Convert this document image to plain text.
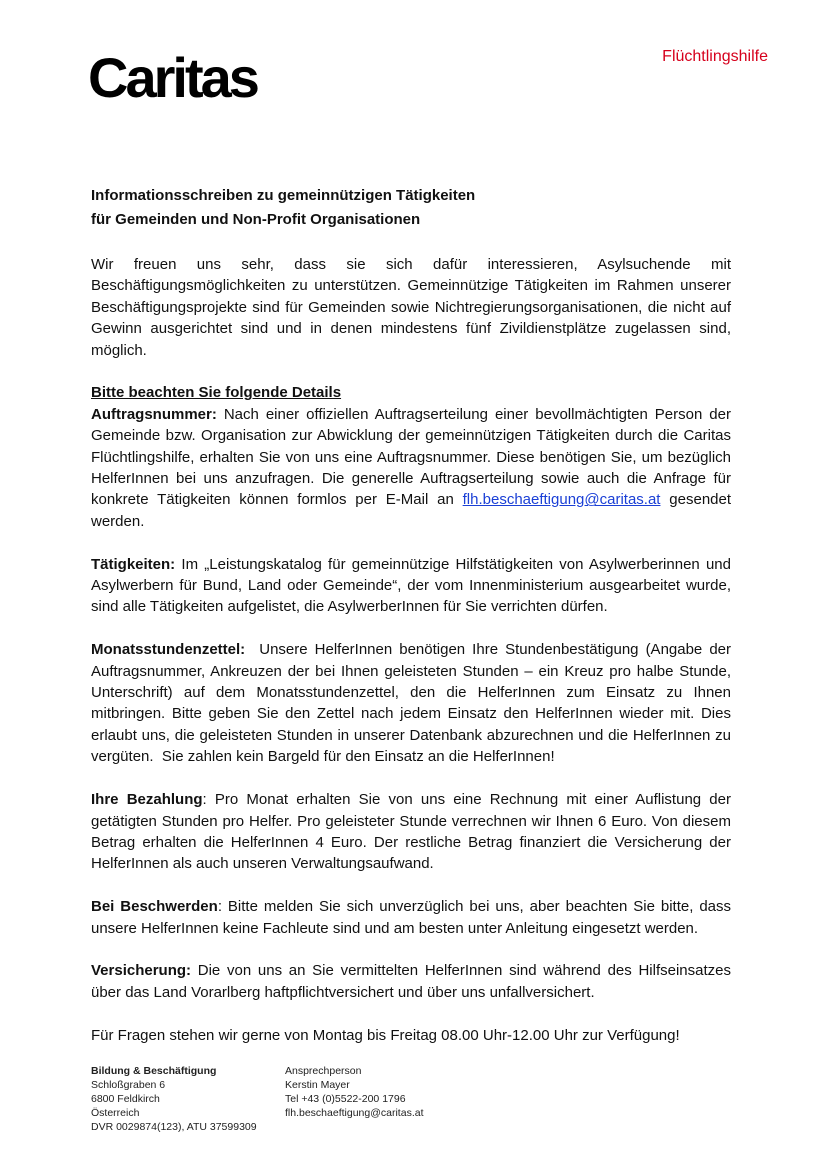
Caritas	Flüchtlingshilfe
Informationsschreiben zu gemeinnützigen Tätigkeiten
für Gemeinden und Non-Profit Organisationen

Wir freuen uns sehr, dass sie sich dafür interessieren, Asylsuchende mit Beschäftigungsmöglichkeiten zu unterstützen. Gemeinnützige Tätigkeiten im Rahmen unserer Beschäftigungsprojekte sind für Gemeinden sowie Nichtregierungsorganisationen, die nicht auf Gewinn ausgerichtet sind und in denen mindestens fünf Zivildienstplätze zugelassen sind, möglich.

Bitte beachten Sie folgende Details
Auftragsnummer: Nach einer offiziellen Auftragserteilung einer bevollmächtigten Person der Gemeinde bzw. Organisation zur Abwicklung der gemeinnützigen Tätigkeiten durch die Caritas Flüchtlingshilfe, erhalten Sie von uns eine Auftragsnummer. Diese benötigen Sie, um bezüglich HelferInnen bei uns anzufragen. Die generelle Auftragserteilung sowie auch die Anfrage für konkrete Tätigkeiten können formlos per E-Mail an flh.beschaeftigung@caritas.at gesendet werden.

Tätigkeiten: Im „Leistungskatalog für gemeinnützige Hilfstätigkeiten von Asylwerberinnen und Asylwerbern für Bund, Land oder Gemeinde“, der vom Innenministerium ausgearbeitet wurde, sind alle Tätigkeiten aufgelistet, die AsylwerberInnen für Sie verrichten dürfen.

Monatsstundenzettel:  Unsere HelferInnen benötigen Ihre Stundenbestätigung (Angabe der Auftragsnummer, Ankreuzen der bei Ihnen geleisteten Stunden – ein Kreuz pro halbe Stunde, Unterschrift) auf dem Monatsstundenzettel, den die HelferInnen zum Einsatz zu Ihnen mitbringen. Bitte geben Sie den Zettel nach jedem Einsatz den HelferInnen wieder mit. Dies erlaubt uns, die geleisteten Stunden in unserer Datenbank abzurechnen und die HelferInnen zu vergüten.  Sie zahlen kein Bargeld für den Einsatz an die HelferInnen!

Ihre Bezahlung: Pro Monat erhalten Sie von uns eine Rechnung mit einer Auflistung der getätigten Stunden pro Helfer. Pro geleisteter Stunde verrechnen wir Ihnen 6 Euro. Von diesem Betrag erhalten die HelferInnen 4 Euro. Der restliche Betrag finanziert die Versicherung der HelferInnen als auch unseren Verwaltungsaufwand.

Bei Beschwerden: Bitte melden Sie sich unverzüglich bei uns, aber beachten Sie bitte, dass unsere HelferInnen keine Fachleute sind und am besten unter Anleitung eingesetzt werden.

Versicherung: Die von uns an Sie vermittelten HelferInnen sind während des Hilfseinsatzes über das Land Vorarlberg haftpflichtversichert und über uns unfallversichert.

Für Fragen stehen wir gerne von Montag bis Freitag 08.00 Uhr-12.00 Uhr zur Verfügung!

Bildung & Beschäftigung
Schloßgraben 6
6800 Feldkirch
Österreich
DVR 0029874(123), ATU 37599309
Ansprechperson
Kerstin Mayer
Tel +43 (0)5522-200 1796
flh.beschaeftigung@caritas.at
